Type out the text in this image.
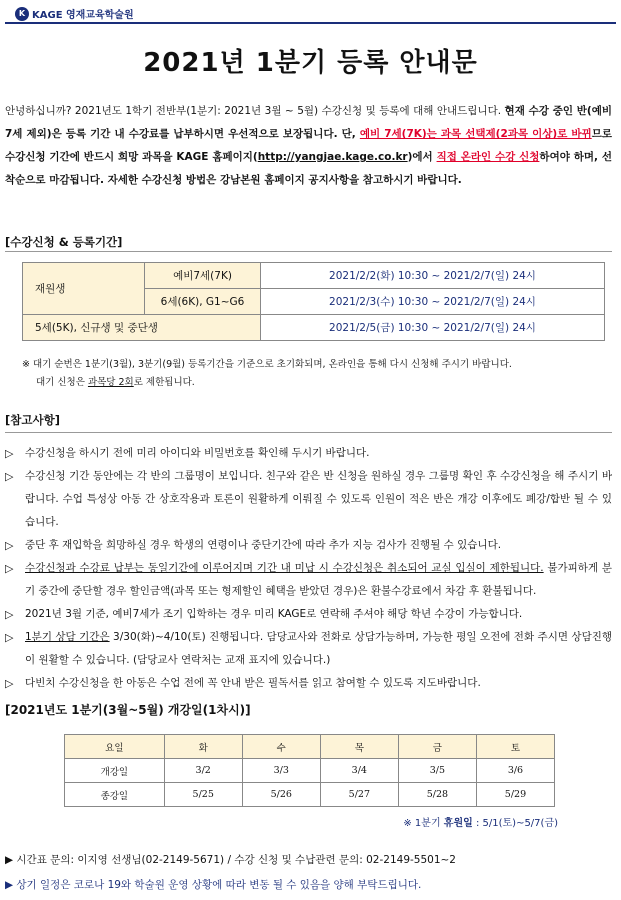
K KAGE 영재교육학술원
2021년 1분기 등록 안내문
안녕하십니까? 2021년도 1학기 전반부(1분기: 2021년 3월 ~ 5월) 수강신청 및 등록에 대해 안내드립니다. 현재 수강 중인 반(예비 7세 제외)은 등록 기간 내 수강료를 납부하시면 우선적으로 보장됩니다. 단, 예비 7세(7K)는 과목 선택제(2과목 이상)로 바뀌므로 수강신청 기간에 반드시 희망 과목을 KAGE 홈페이지(http://yangjae.kage.co.kr)에서 직접 온라인 수강 신청하여야 하며, 선착순으로 마감됩니다. 자세한 수강신청 방법은 강남본원 홈페이지 공지사항을 참고하시기 바랍니다.
[수강신청 & 등록기간]
재원생	예비7세(7K)	2021/2/2(화) 10:30 ~ 2021/2/7(일) 24시
	6세(6K), G1~G6	2021/2/3(수) 10:30 ~ 2021/2/7(일) 24시
5세(5K), 신규생 및 중단생		2021/2/5(금) 10:30 ~ 2021/2/7(일) 24시
※ 대기 순번은 1분기(3월), 3분기(9월) 등록기간을 기준으로 초기화되며, 온라인을 통해 다시 신청해 주시기 바랍니다.
대기 신청은 과목당 2회로 제한됩니다.
[참고사항]
▷	수강신청을 하시기 전에 미리 아이디와 비밀번호를 확인해 두시기 바랍니다.
▷	수강신청 기간 동안에는 각 반의 그룹명이 보입니다. 친구와 같은 반 신청을 원하실 경우 그룹명 확인 후 수강신청을 해 주시기 바랍니다. 수업 특성상 아동 간 상호작용과 토론이 원활하게 이뤄질 수 있도록 인원이 적은 반은 개강 이후에도 폐강/합반 될 수 있습니다.
▷	중단 후 재입학을 희망하실 경우 학생의 연령이나 중단기간에 따라 추가 지능 검사가 진행될 수 있습니다.
▷	수강신청과 수강료 납부는 동일기간에 이루어지며 기간 내 미납 시 수강신청은 취소되어 교실 입실이 제한됩니다. 불가피하게 분기 중간에 중단할 경우 할인금액(과목 또는 형제할인 혜택을 받았던 경우)은 환불수강료에서 차감 후 환불됩니다.
▷	2021년 3월 기준, 예비7세가 조기 입학하는 경우 미리 KAGE로 연락해 주셔야 해당 학년 수강이 가능합니다.
▷	1분기 상담 기간은 3/30(화)~4/10(토) 진행됩니다. 담당교사와 전화로 상담가능하며, 가능한 평일 오전에 전화 주시면 상담진행이 원활할 수 있습니다. (담당교사 연락처는 교재 표지에 있습니다.)
▷	다빈치 수강신청을 한 아동은 수업 전에 꼭 안내 받은 필독서를 읽고 참여할 수 있도록 지도바랍니다.
[2021년도 1분기(3월~5월) 개강일(1차시)]
요일	화	수	목	금	토
개강일	3/2	3/3	3/4	3/5	3/6
종강일	5/25	5/26	5/27	5/28	5/29
※ 1분기 휴원일 : 5/1(토)~5/7(금)
▶ 시간표 문의: 이지영 선생님(02-2149-5671) / 수강 신청 및 수납관련 문의: 02-2149-5501~2
▶ 상기 일정은 코로나 19와 학술원 운영 상황에 따라 변동 될 수 있음을 양해 부탁드립니다.
